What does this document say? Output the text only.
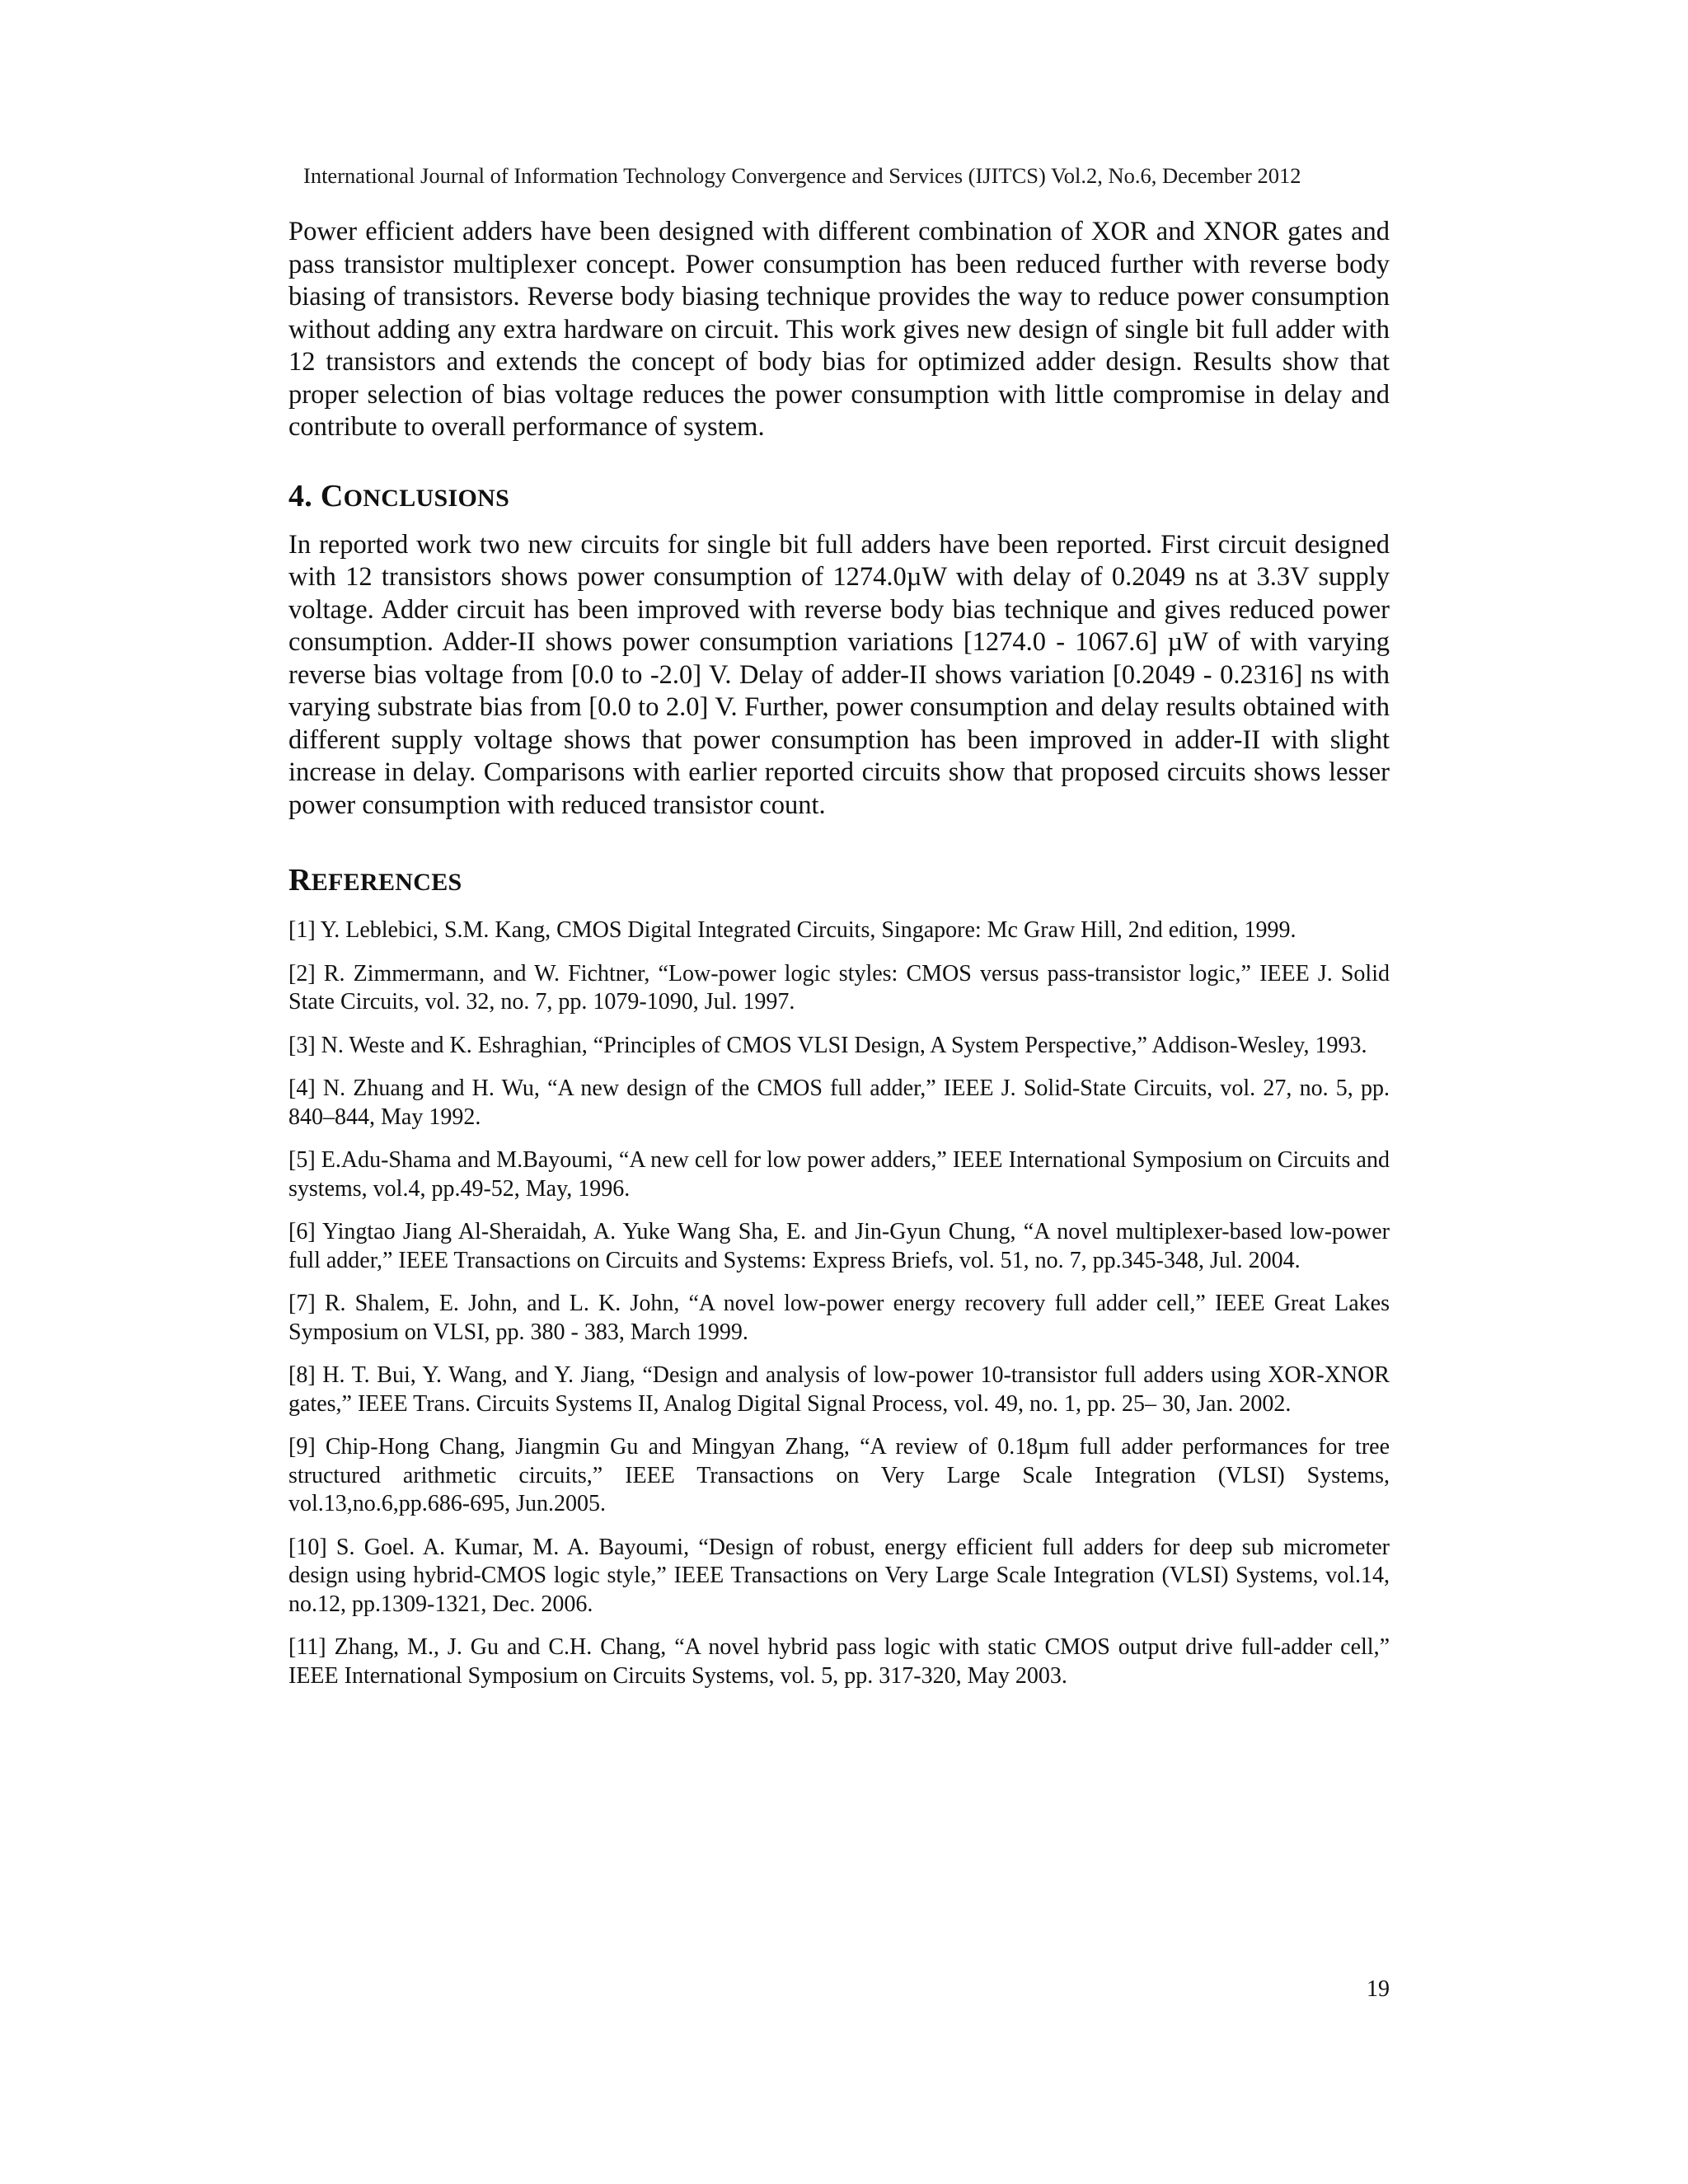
International Journal of Information Technology Convergence and Services (IJITCS) Vol.2, No.6, December 2012

Power efficient adders have been designed with different combination of XOR and XNOR gates and pass transistor multiplexer concept. Power consumption has been reduced further with reverse body biasing of transistors. Reverse body biasing technique provides the way to reduce power consumption without adding any extra hardware on circuit. This work gives new design of single bit full adder with 12 transistors and extends the concept of body bias for optimized adder design. Results show that proper selection of bias voltage reduces the power consumption with little compromise in delay and contribute to overall performance of system.

4. CONCLUSIONS

In reported work two new circuits for single bit full adders have been reported. First circuit designed with 12 transistors shows power consumption of 1274.0µW with delay of 0.2049 ns at 3.3V supply voltage. Adder circuit has been improved with reverse body bias technique and gives reduced power consumption. Adder-II shows power consumption variations [1274.0 - 1067.6] µW of with varying reverse bias voltage from [0.0 to -2.0] V. Delay of adder-II shows variation [0.2049 - 0.2316] ns with varying substrate bias from [0.0 to 2.0] V. Further, power consumption and delay results obtained with different supply voltage shows that power consumption has been improved in adder-II with slight increase in delay. Comparisons with earlier reported circuits show that proposed circuits shows lesser power consumption with reduced transistor count.

REFERENCES

[1] Y. Leblebici, S.M. Kang, CMOS Digital Integrated Circuits, Singapore: Mc Graw Hill, 2nd edition, 1999.

[2] R. Zimmermann, and W. Fichtner, “Low-power logic styles: CMOS versus pass-transistor logic,” IEEE J. Solid State Circuits, vol. 32, no. 7, pp. 1079-1090, Jul. 1997.

[3] N. Weste and K. Eshraghian, “Principles of CMOS VLSI Design, A System Perspective,” Addison-Wesley, 1993.

[4] N. Zhuang and H. Wu, “A new design of the CMOS full adder,” IEEE J. Solid-State Circuits, vol. 27, no. 5, pp. 840–844, May 1992.

[5] E.Adu-Shama and M.Bayoumi, “A new cell for low power adders,” IEEE International Symposium on Circuits and systems, vol.4, pp.49-52, May, 1996.

[6] Yingtao Jiang Al-Sheraidah, A. Yuke Wang Sha, E. and Jin-Gyun Chung, “A novel multiplexer-based low-power full adder,” IEEE Transactions on Circuits and Systems: Express Briefs, vol. 51, no. 7, pp.345-348, Jul. 2004.

[7] R. Shalem, E. John, and L. K. John, “A novel low-power energy recovery full adder cell,” IEEE Great Lakes Symposium on VLSI, pp. 380 - 383, March 1999.

[8] H. T. Bui, Y. Wang, and Y. Jiang, “Design and analysis of low-power 10-transistor full adders using XOR-XNOR gates,” IEEE Trans. Circuits Systems II, Analog Digital Signal Process, vol. 49, no. 1, pp. 25– 30, Jan. 2002.

[9] Chip-Hong Chang, Jiangmin Gu and Mingyan Zhang, “A review of 0.18µm full adder performances for tree structured arithmetic circuits,” IEEE Transactions on Very Large Scale Integration (VLSI) Systems, vol.13,no.6,pp.686-695, Jun.2005.

[10] S. Goel. A. Kumar, M. A. Bayoumi, “Design of robust, energy efficient full adders for deep sub micrometer design using hybrid-CMOS logic style,” IEEE Transactions on Very Large Scale Integration (VLSI) Systems, vol.14, no.12, pp.1309-1321, Dec. 2006.

[11] Zhang, M., J. Gu and C.H. Chang, “A novel hybrid pass logic with static CMOS output drive full-adder cell,” IEEE International Symposium on Circuits Systems, vol. 5, pp. 317-320, May 2003.

19
